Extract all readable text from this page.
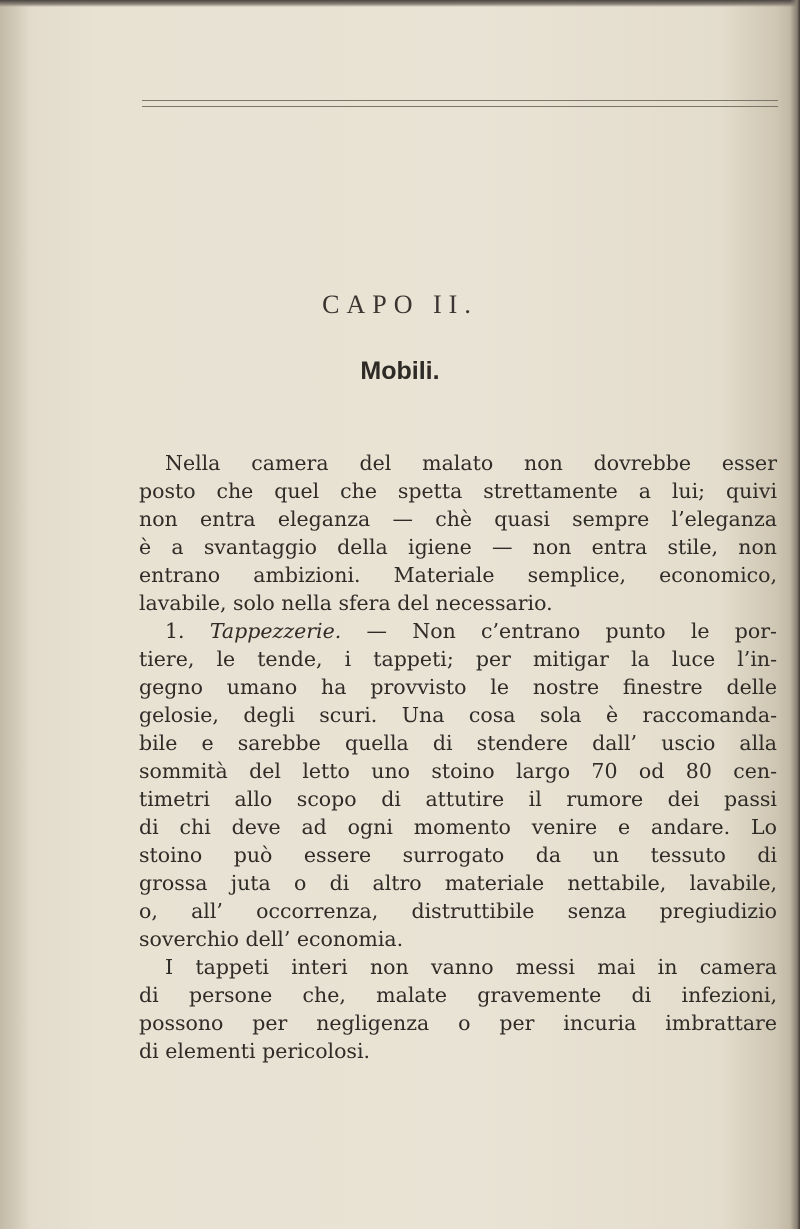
CAPO II.
Mobili.
Nella camera del malato non dovrebbe esser
posto che quel che spetta strettamente a lui; quivi
non entra eleganza — chè quasi sempre l’eleganza
è a svantaggio della igiene — non entra stile, non
entrano ambizioni. Materiale semplice, economico,
lavabile, solo nella sfera del necessario.
1. Tappezzerie. — Non c’entrano punto le por-
tiere, le tende, i tappeti; per mitigar la luce l’in-
gegno umano ha provvisto le nostre finestre delle
gelosie, degli scuri. Una cosa sola è raccomanda-
bile e sarebbe quella di stendere dall’ uscio alla
sommità del letto uno stoino largo 70 od 80 cen-
timetri allo scopo di attutire il rumore dei passi
di chi deve ad ogni momento venire e andare. Lo
stoino può essere surrogato da un tessuto di
grossa juta o di altro materiale nettabile, lavabile,
o, all’ occorrenza, distruttibile senza pregiudizio
soverchio dell’ economia.
I tappeti interi non vanno messi mai in camera
di persone che, malate gravemente di infezioni,
possono per negligenza o per incuria imbrattare
di elementi pericolosi.
